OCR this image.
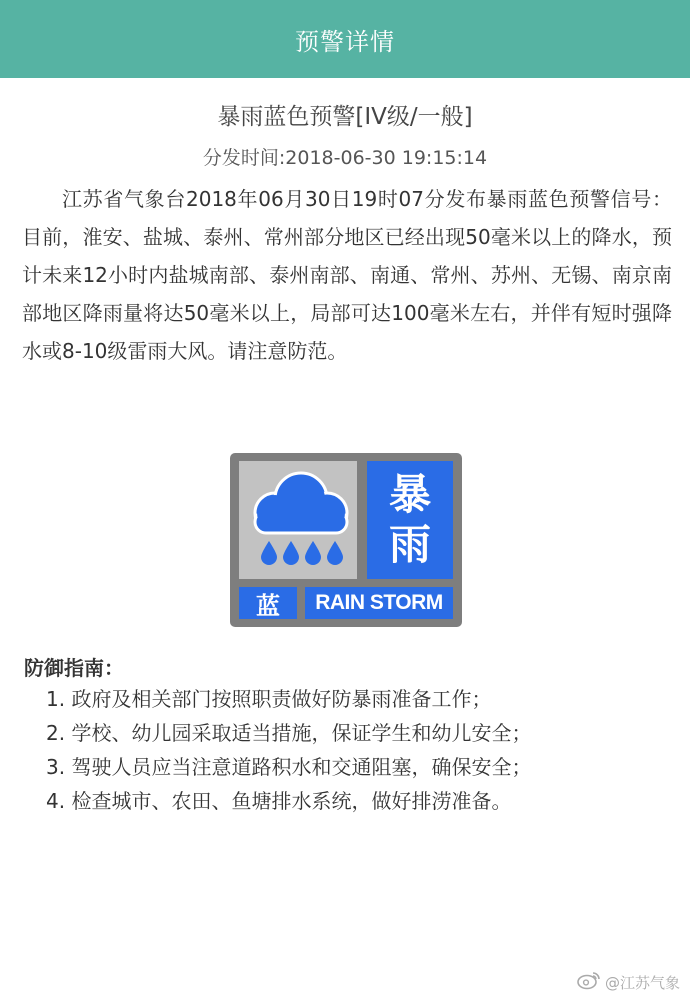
预警详情
暴雨蓝色预警[IV级/一般]
分发时间:2018-06-30 19:15:14

江苏省气象台2018年06月30日19时07分发布暴雨蓝色预警信号：目前，淮安、盐城、泰州、常州部分地区已经出现50毫米以上的降水，预计未来12小时内盐城南部、泰州南部、南通、常州、苏州、无锡、南京南部地区降雨量将达50毫米以上，局部可达100毫米左右，并伴有短时强降水或8-10级雷雨大风。请注意防范。

暴
雨
蓝	RAIN STORM
防御指南：
1. 政府及相关部门按照职责做好防暴雨准备工作；
2. 学校、幼儿园采取适当措施，保证学生和幼儿安全；
3. 驾驶人员应当注意道路积水和交通阻塞，确保安全；
4. 检查城市、农田、鱼塘排水系统，做好排涝准备。
@江苏气象
